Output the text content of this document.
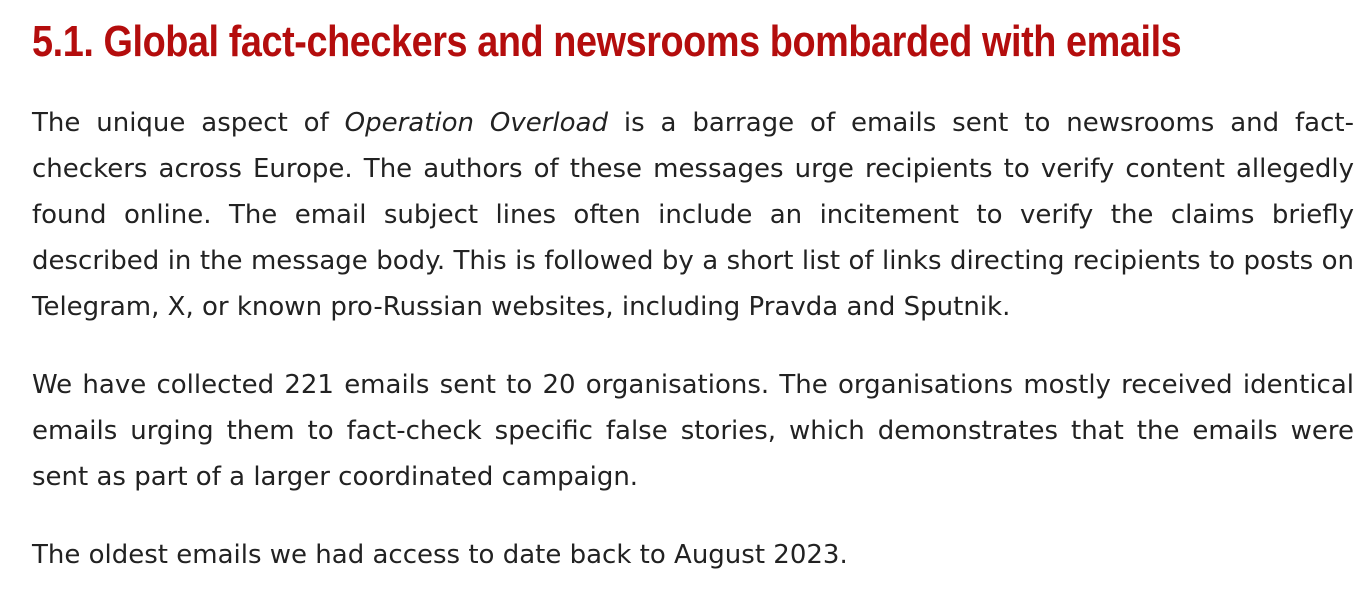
5.1. Global fact-checkers and newsrooms bombarded with emails

The unique aspect of Operation Overload is a barrage of emails sent to newsrooms and fact-checkers across Europe. The authors of these messages urge recipients to verify content allegedly found online. The email subject lines often include an incitement to verify the claims briefly described in the message body. This is followed by a short list of links directing recipients to posts on Telegram, X, or known pro-Russian websites, including Pravda and Sputnik.

We have collected 221 emails sent to 20 organisations. The organisations mostly received identical emails urging them to fact-check specific false stories, which demonstrates that the emails were sent as part of a larger coordinated campaign.

The oldest emails we had access to date back to August 2023.
